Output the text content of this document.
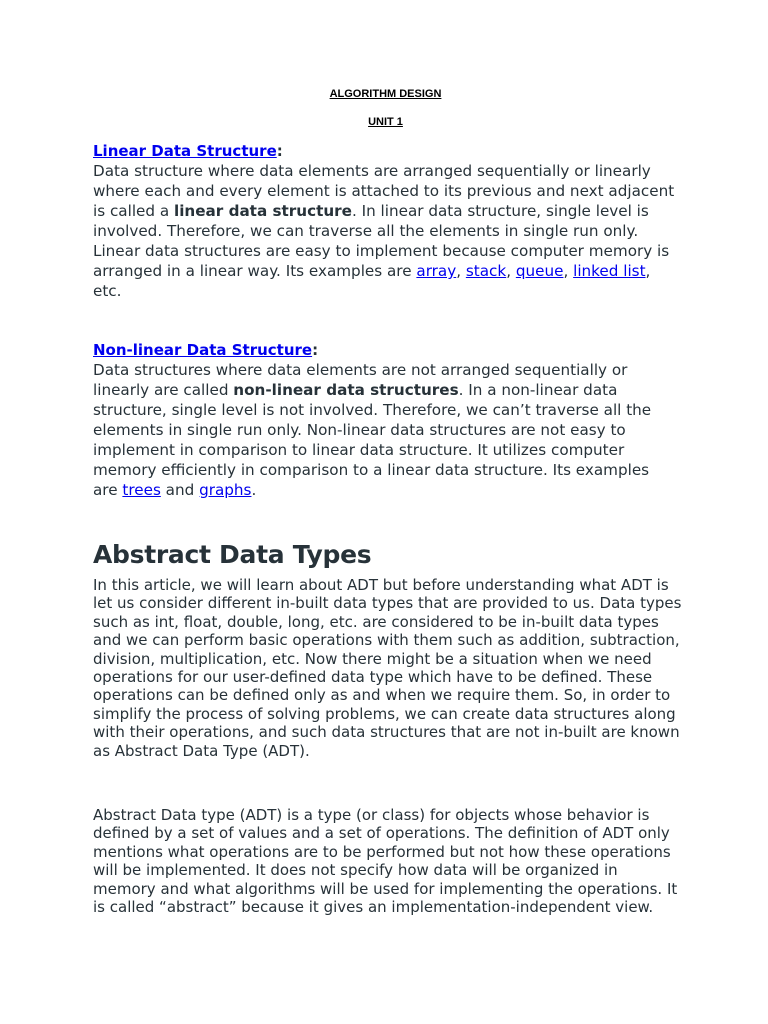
ALGORITHM DESIGN
UNIT 1
Linear Data Structure:

Data structure where data elements are arranged sequentially or linearly where each and every element is attached to its previous and next adjacent is called a linear data structure. In linear data structure, single level is involved. Therefore, we can traverse all the elements in single run only. Linear data structures are easy to implement because computer memory is arranged in a linear way. Its examples are array, stack, queue, linked list, etc.

Non-linear Data Structure:

Data structures where data elements are not arranged sequentially or linearly are called non-linear data structures. In a non-linear data structure, single level is not involved. Therefore, we can’t traverse all the elements in single run only. Non-linear data structures are not easy to implement in comparison to linear data structure. It utilizes computer memory efficiently in comparison to a linear data structure. Its examples are trees and graphs.

Abstract Data Types

In this article, we will learn about ADT but before understanding what ADT is let us consider different in-built data types that are provided to us. Data types such as int, float, double, long, etc. are considered to be in-built data types and we can perform basic operations with them such as addition, subtraction, division, multiplication, etc. Now there might be a situation when we need operations for our user-defined data type which have to be defined. These operations can be defined only as and when we require them. So, in order to simplify the process of solving problems, we can create data structures along with their operations, and such data structures that are not in-built are known as Abstract Data Type (ADT).

Abstract Data type (ADT) is a type (or class) for objects whose behavior is defined by a set of values and a set of operations. The definition of ADT only mentions what operations are to be performed but not how these operations will be implemented. It does not specify how data will be organized in memory and what algorithms will be used for implementing the operations. It is called “abstract” because it gives an implementation-independent view.
